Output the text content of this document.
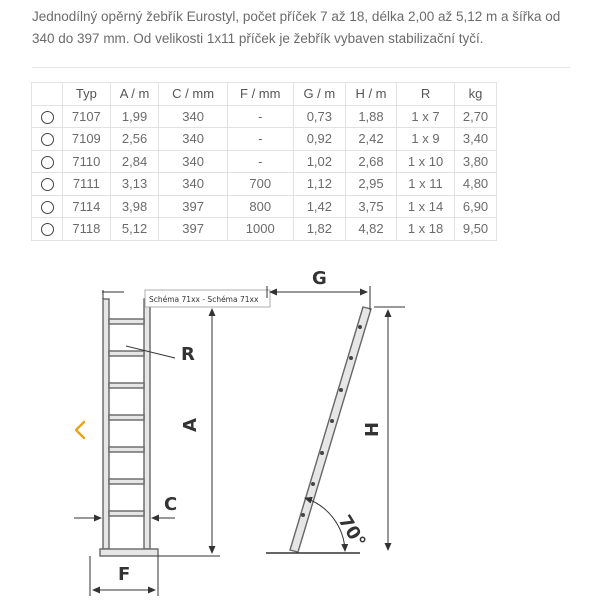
Jednodílný opěrný žebřík Eurostyl, počet příček 7 až 18, délka 2,00 až 5,12 m a šířka od 340 do 397 mm. Od velikosti 1x11 příček je žebřík vybaven stabilizační tyčí.

	Typ	A / m	C / mm	F / mm	G / m	H / m	R	kg
	7107	1,99	340	-	0,73	1,88	1 x 7	2,70
	7109	2,56	340	-	0,92	2,42	1 x 9	3,40
	7110	2,84	340	-	1,02	2,68	1 x 10	3,80
	7111	3,13	340	700	1,12	2,95	1 x 11	4,80
	7114	3,98	397	800	1,42	3,75	1 x 14	6,90
	7118	5,12	397	1000	1,82	4,82	1 x 18	9,50
R
A
C
F
Schéma 71xx - Schéma 71xx
G
H
70°
